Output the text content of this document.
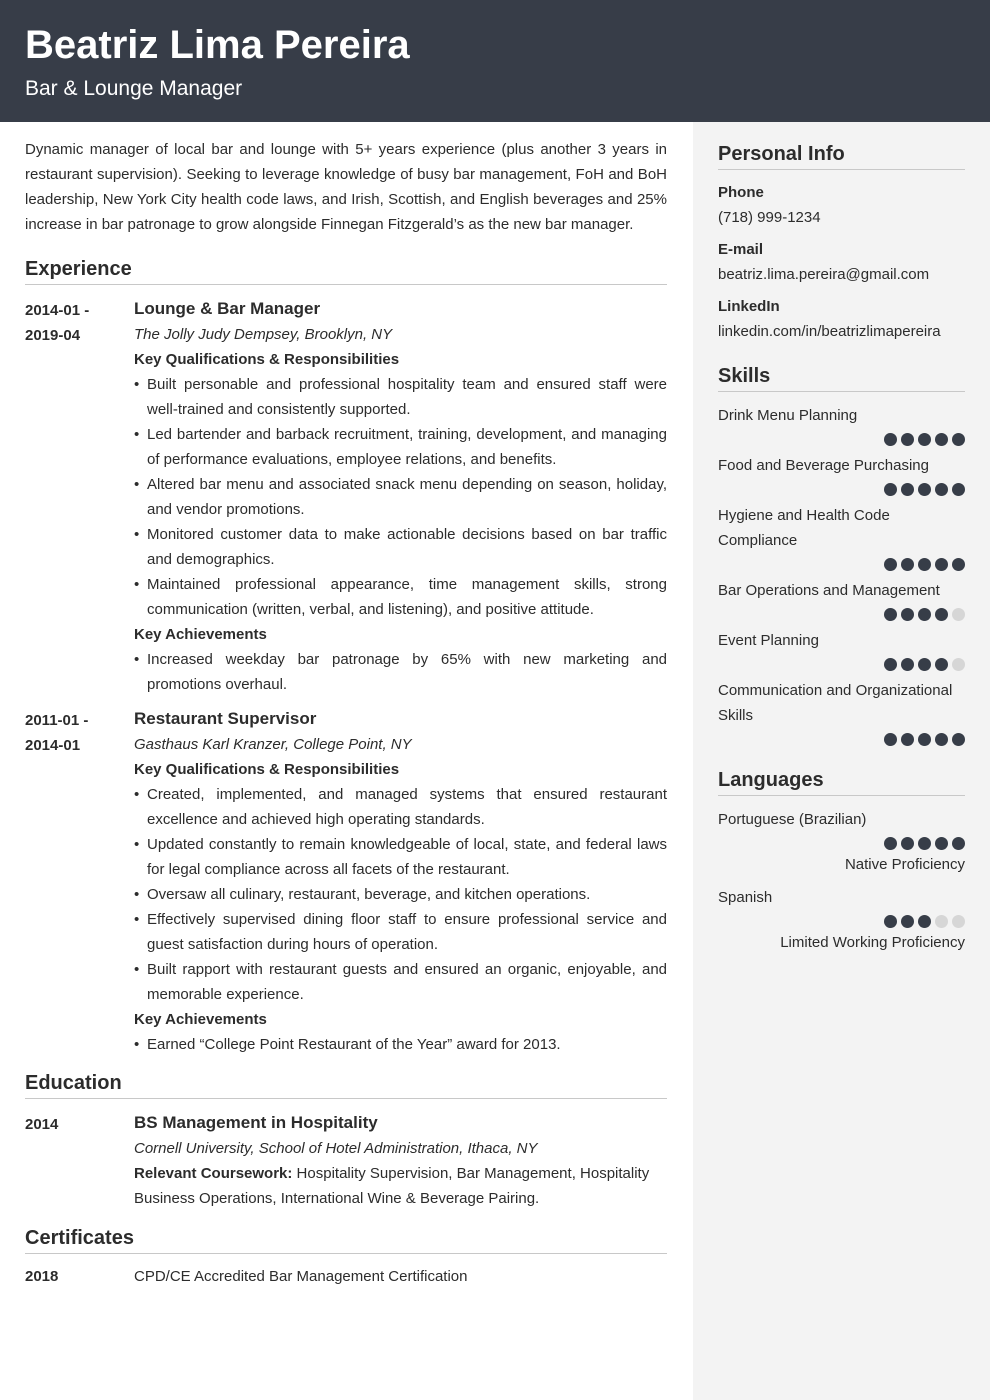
Beatriz Lima Pereira
Bar & Lounge Manager

Dynamic manager of local bar and lounge with 5+ years experience (plus another 3 years in restaurant supervision). Seeking to leverage knowledge of busy bar management, FoH and BoH leadership, New York City health code laws, and Irish, Scottish, and English beverages and 25% increase in bar patronage to grow alongside Finnegan Fitzgerald’s as the new bar manager.

Experience
2014-01 -
2019-04
Lounge & Bar Manager
The Jolly Judy Dempsey, Brooklyn, NY
Key Qualifications & Responsibilities
• Built personable and professional hospitality team and ensured staff were well-trained and consistently supported.
• Led bartender and barback recruitment, training, development, and managing of performance evaluations, employee relations, and benefits.
• Altered bar menu and associated snack menu depending on season, holiday, and vendor promotions.
• Monitored customer data to make actionable decisions based on bar traffic and demographics.
• Maintained professional appearance, time management skills, strong communication (written, verbal, and listening), and positive attitude.
Key Achievements
• Increased weekday bar patronage by 65% with new marketing and promotions overhaul.
2011-01 -
2014-01
Restaurant Supervisor
Gasthaus Karl Kranzer, College Point, NY
Key Qualifications & Responsibilities
• Created, implemented, and managed systems that ensured restaurant excellence and achieved high operating standards.
• Updated constantly to remain knowledgeable of local, state, and federal laws for legal compliance across all facets of the restaurant.
• Oversaw all culinary, restaurant, beverage, and kitchen operations.
• Effectively supervised dining floor staff to ensure professional service and guest satisfaction during hours of operation.
• Built rapport with restaurant guests and ensured an organic, enjoyable, and memorable experience.
Key Achievements
• Earned “College Point Restaurant of the Year” award for 2013.
Education
2014	BS Management in Hospitality
Cornell University, School of Hotel Administration, Ithaca, NY
Relevant Coursework: Hospitality Supervision, Bar Management, Hospitality Business Operations, International Wine & Beverage Pairing.
Certificates
2018	CPD/CE Accredited Bar Management Certification
Personal Info
Phone
(718) 999-1234
E-mail
beatriz.lima.pereira@gmail.com
LinkedIn
linkedin.com/in/beatrizlimapereira
Skills
Drink Menu Planning
Food and Beverage Purchasing
Hygiene and Health Code Compliance
Bar Operations and Management
Event Planning
Communication and Organizational Skills
Languages
Portuguese (Brazilian)
Native Proficiency
Spanish
Limited Working Proficiency
